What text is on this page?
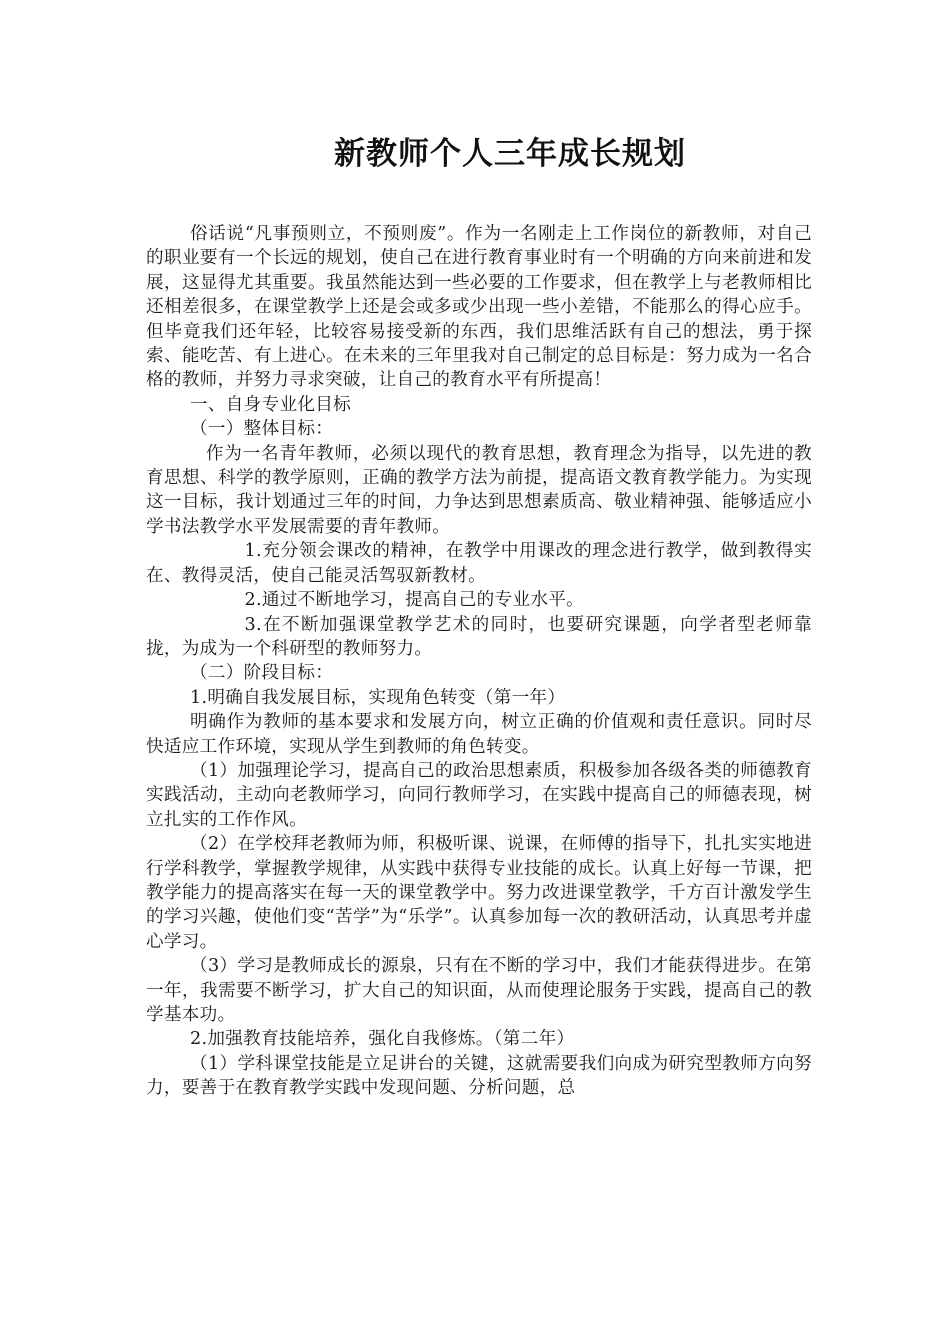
新教师个人三年成长规划

俗话说“凡事预则立，不预则废”。作为一名刚走上工作岗位的新教师，对自己的职业要有一个长远的规划，使自己在进行教育事业时有一个明确的方向来前进和发展，这显得尤其重要。我虽然能达到一些必要的工作要求，但在教学上与老教师相比还相差很多，在课堂教学上还是会或多或少出现一些小差错，不能那么的得心应手。但毕竟我们还年轻，比较容易接受新的东西，我们思维活跃有自己的想法，勇于探索、能吃苦、有上进心。在未来的三年里我对自己制定的总目标是：努力成为一名合格的教师，并努力寻求突破，让自己的教育水平有所提高！

一、自身专业化目标

（一）整体目标：

作为一名青年教师，必须以现代的教育思想，教育理念为指导，以先进的教育思想、科学的教学原则，正确的教学方法为前提，提高语文教育教学能力。为实现这一目标，我计划通过三年的时间，力争达到思想素质高、敬业精神强、能够适应小学书法教学水平发展需要的青年教师。

1.充分领会课改的精神，在教学中用课改的理念进行教学，做到教得实在、教得灵活，使自己能灵活驾驭新教材。

2.通过不断地学习，提高自己的专业水平。

3.在不断加强课堂教学艺术的同时，也要研究课题，向学者型老师靠拢，为成为一个科研型的教师努力。

（二）阶段目标：

1.明确自我发展目标，实现角色转变（第一年）

明确作为教师的基本要求和发展方向，树立正确的价值观和责任意识。同时尽快适应工作环境，实现从学生到教师的角色转变。

（1）加强理论学习，提高自己的政治思想素质，积极参加各级各类的师德教育实践活动，主动向老教师学习，向同行教师学习，在实践中提高自己的师德表现，树立扎实的工作作风。

（2）在学校拜老教师为师，积极听课、说课，在师傅的指导下，扎扎实实地进行学科教学，掌握教学规律，从实践中获得专业技能的成长。认真上好每一节课，把教学能力的提高落实在每一天的课堂教学中。努力改进课堂教学，千方百计激发学生的学习兴趣，使他们变“苦学”为“乐学”。认真参加每一次的教研活动，认真思考并虚心学习。

（3）学习是教师成长的源泉，只有在不断的学习中，我们才能获得进步。在第一年，我需要不断学习，扩大自己的知识面，从而使理论服务于实践，提高自己的教学基本功。

2.加强教育技能培养，强化自我修炼。（第二年）

（1）学科课堂技能是立足讲台的关键，这就需要我们向成为研究型教师方向努力，要善于在教育教学实践中发现问题、分析问题，总
